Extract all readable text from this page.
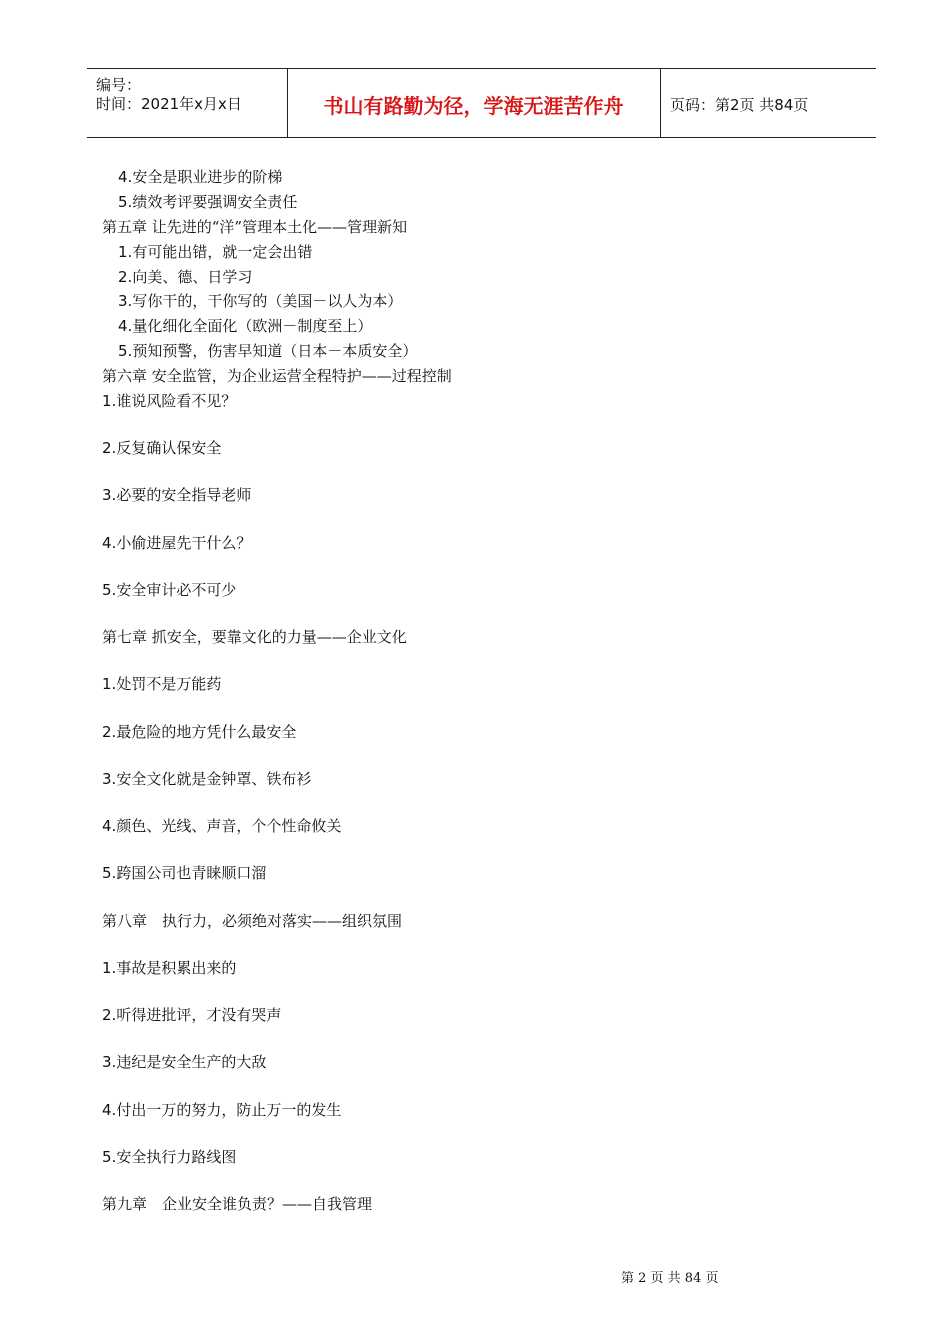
编号：
时间：2021年x月x日	书山有路勤为径，学海无涯苦作舟	页码：第2页 共84页
4.安全是职业进步的阶梯
5.绩效考评要强调安全责任
第五章 让先进的“洋”管理本土化——管理新知
1.有可能出错，就一定会出错
2.向美、德、日学习
3.写你干的，干你写的（美国－以人为本）
4.量化细化全面化（欧洲－制度至上）
5.预知预警，伤害早知道（日本－本质安全）
第六章 安全监管，为企业运营全程特护——过程控制
1.谁说风险看不见？
2.反复确认保安全
3.必要的安全指导老师
4.小偷进屋先干什么？
5.安全审计必不可少
第七章 抓安全，要靠文化的力量——企业文化
1.处罚不是万能药
2.最危险的地方凭什么最安全
3.安全文化就是金钟罩、铁布衫
4.颜色、光线、声音，个个性命攸关
5.跨国公司也青睐顺口溜
第八章　执行力，必须绝对落实——组织氛围
1.事故是积累出来的
2.听得进批评，才没有哭声
3.违纪是安全生产的大敌
4.付出一万的努力，防止万一的发生
5.安全执行力路线图
第九章　企业安全谁负责？——自我管理
第 2 页 共 84 页
